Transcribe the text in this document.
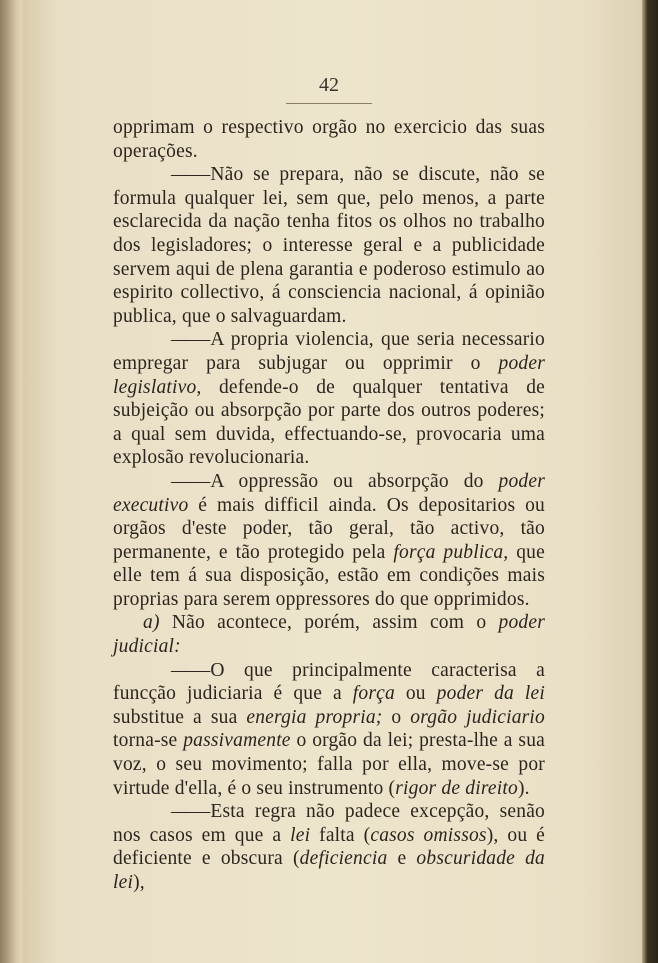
42

opprimam o respectivo orgão no exercicio das suas operações.

——Não se prepara, não se discute, não se formula qualquer lei, sem que, pelo menos, a parte esclarecida da nação tenha fitos os olhos no trabalho dos legisladores; o interesse geral e a publicidade servem aqui de plena garantia e poderoso estimulo ao espirito collectivo, á consciencia nacional, á opinião publica, que o salvaguardam.

——A propria violencia, que seria necessario empregar para subjugar ou opprimir o poder legislativo, defende-o de qualquer tentativa de subjeição ou absorpção por parte dos outros poderes; a qual sem duvida, effectuando-se, provocaria uma explosão revolucionaria.

——A oppressão ou absorpção do poder executivo é mais difficil ainda. Os depositarios ou orgãos d'este poder, tão geral, tão activo, tão permanente, e tão protegido pela força publica, que elle tem á sua disposição, estão em condições mais proprias para serem oppressores do que opprimidos.

a) Não acontece, porém, assim com o poder judicial:

——O que principalmente caracterisa a funcção judiciaria é que a força ou poder da lei substitue a sua energia propria; o orgão judiciario torna-se passivamente o orgão da lei; presta-lhe a sua voz, o seu movimento; falla por ella, move-se por virtude d'ella, é o seu instrumento (rigor de direito).

——Esta regra não padece excepção, senão nos casos em que a lei falta (casos omissos), ou é deficiente e obscura (deficiencia e obscuridade da lei),
